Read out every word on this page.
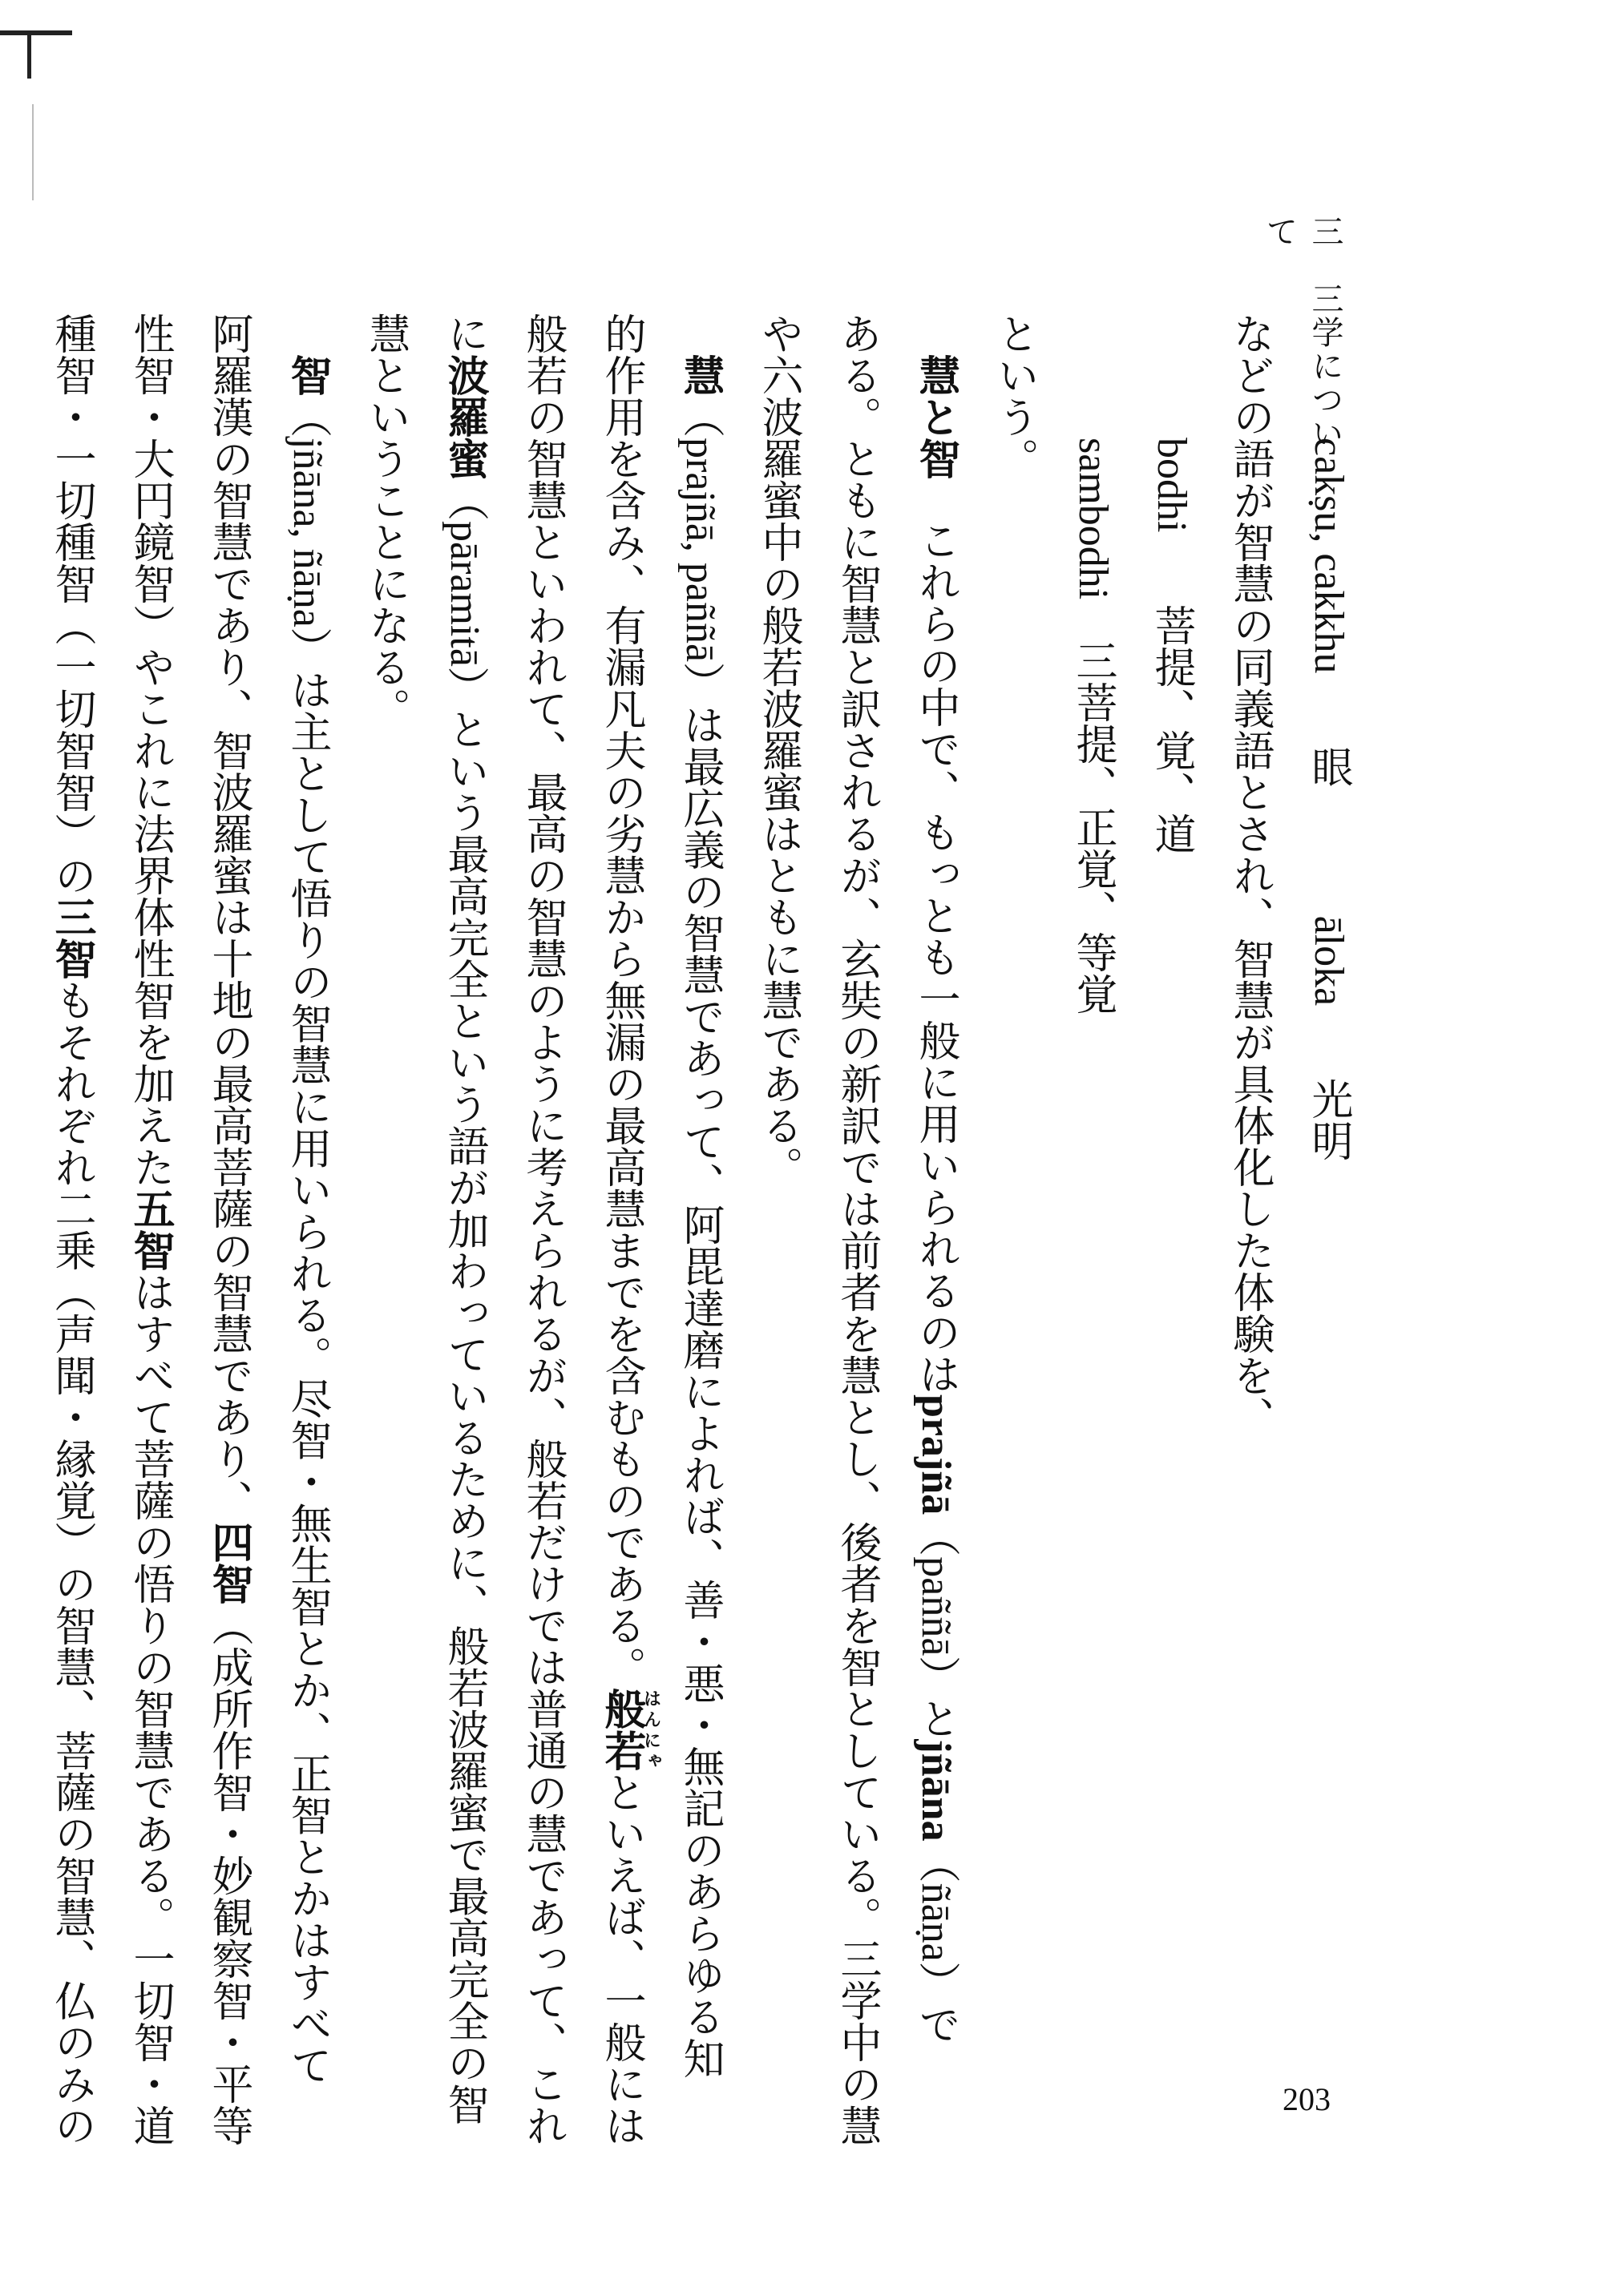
三　三学について
cakṣu, cakkhu眼āloka光明
などの語が智慧の同義語とされ、智慧が具体化した体験を、
bodhi菩提、覚、道
sambodhi三菩提、正覚、等覚
という。
慧と智これらの中で、もっとも一般に用いられるのはprajñā（paññā）とjñāna（ñāṇa）で
ある。ともに智慧と訳されるが、玄奘の新訳では前者を慧とし、後者を智としている。三学中の慧
や六波羅蜜中の般若波羅蜜はともに慧である。
慧（prajñā, paññā）は最広義の智慧であって、阿毘達磨によれば、善・悪・無記のあらゆる知
的作用を含み、有漏凡夫の劣慧から無漏の最高慧までを含むものである。般若はんにゃといえば、一般には
般若の智慧といわれて、最高の智慧のように考えられるが、般若だけでは普通の慧であって、これ
に波羅蜜（pāramitā）という最高完全という語が加わっているために、般若波羅蜜で最高完全の智
慧ということになる。
智（jñāna, ñāṇa）は主として悟りの智慧に用いられる。尽智・無生智とか、正智とかはすべて
阿羅漢の智慧であり、智波羅蜜は十地の最高菩薩の智慧であり、四智（成所作智・妙観察智・平等
性智・大円鏡智）やこれに法界体性智を加えた五智はすべて菩薩の悟りの智慧である。一切智・道
種智・一切種智（一切智智）の三智もそれぞれ二乗（声聞・縁覚）の智慧、菩薩の智慧、仏のみの	203
